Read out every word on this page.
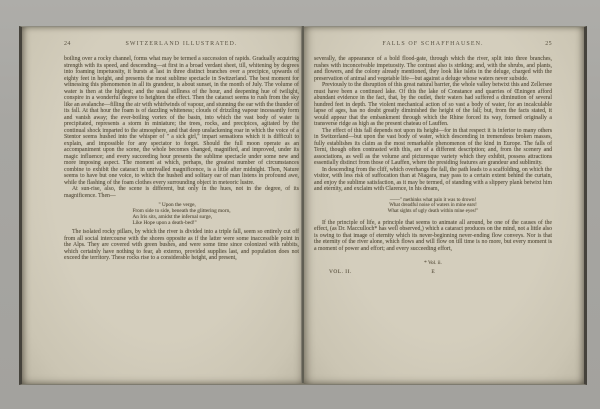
24	SWITZERLAND ILLUSTRATED.

boiling over a rocky channel, forms what may be termed a succession of rapids. Gradually acquiring strength with its speed, and descending—at first in a broad verdant sheet, till, whitening by degrees into foaming impetuosity, it bursts at last in three distinct branches over a precipice, upwards of eighty feet in height, and presents the most sublime spectacle in Switzerland. The best moment for witnessing this phenomenon in all its grandeur, is about sunset, in the month of July. The volume of water is then at the highest; and the usual stillness of the hour, and deepening hue of twilight, conspire in a wonderful degree to heighten the effect. Then the cataract seems to rush from the sky like an avalanche—filling the air with whirlwinds of vapour, and stunning the ear with the thunder of its fall. At that hour the foam is of dazzling whiteness; clouds of drizzling vapour incessantly form and vanish away; the ever-boiling vortex of the basin, into which the vast body of water is precipitated, represents a storm in miniature; the trees, rocks, and precipices, agitated by the continual shock imparted to the atmosphere, and that deep unslackening roar in which the voice of a Stentor seems hushed into the whisper of " a sick girl," impart sensations which it is difficult to explain, and impossible for any spectator to forget. Should the full moon operate as an accompaniment upon the scene, the whole becomes changed, magnified, and improved, under its magic influence; and every succeeding hour presents the sublime spectacle under some new and more imposing aspect. The moment at which, perhaps, the greatest number of circumstances combine to exhibit the cataract in unrivalled magnificence, is a little after midnight. Then, Nature seems to have but one voice, to which the hushed and solitary ear of man listens in profound awe, while the flashing of the foam clothes every surrounding object in meteoric lustre.

At sun-rise, also, the scene is different, but only in the hues, not in the degree, of its magnificence. Then—

" Upon the verge,
From side to side, beneath the glittering morn,
An Iris sits, amidst the infernal surge,
Like Hope upon a death-bed!"

The isolated rocky pillars, by which the river is divided into a triple fall, seem so entirely cut off from all social intercourse with the shores opposite as if the latter were some inaccessible point in the Alps. They are covered with green bushes, and were some time since colonized with rabbits, which certainly have nothing to fear, ab externo, provided supplies last, and population does not exceed the territory. These rocks rise to a considerable height, and present,

FALLS OF SCHAFFHAUSEN.	25

severally, the appearance of a bold flood-gate, through which the river, split into three branches, rushes with inconceivable impetuosity. The contrast also is striking; and, with the shrubs, and plants, and flowers, and the colony already mentioned, they look like islets in the deluge, charged with the preservation of animal and vegetable life—but against a deluge whose waters never subside.

Previously to the disruption of this great natural barrier, the whole valley betwixt this and Zellersee must have been a continued lake. Of this the lake of Constance and quarries of Œningen afford abundant evidence in the fact, that, by the outlet, their waters had suffered a diminution of several hundred feet in depth. The violent mechanical action of so vast a body of water, for an incalculable lapse of ages, has no doubt greatly diminished the height of the fall; but, from the facts stated, it would appear that the embankment through which the Rhine forced its way, formed originally a transverse ridge as high as the present chateau of Lauffen.

The effect of this fall depends not upon its height—for in that respect it is inferior to many others in Switzerland—but upon the vast body of water, which descending in tremendous broken masses, fully establishes its claim as the most remarkable phenomenon of the kind in Europe. The falls of Terni, though often contrasted with this, are of a different description; and, from the scenery and associations, as well as the volume and picturesque variety which they exhibit, possess attractions essentially distinct from those of Lauffen, where the presiding features are grandeur and sublimity.

In descending from the cliff, which overhangs the fall, the path leads to a scaffolding, on which the visitor, with less risk of suffocation than at Niagara, may pass to a certain extent behind the curtain, and enjoy the sublime satisfaction, as it may be termed, of standing with a slippery plank betwixt him and eternity, and exclaim with Clarence, in his dream,

——" methinks what pain it was to drown!
What dreadful noise of waters in mine ears!
What sights of ugly death within mine eyes!"

If the principle of life, a principle that seems to animate all around, be one of the causes of the effect, (as Dr. Macculloch* has well observed,) which a cataract produces on the mind, not a little also is owing to that image of eternity which its never-beginning never-ending flow conveys. Nor is that the eternity of the river alone, which flows and will flow on till time is no more, but every moment is a moment of power and effort; and every succeeding effort,

* Vol. ii.
VOL. II.	E
